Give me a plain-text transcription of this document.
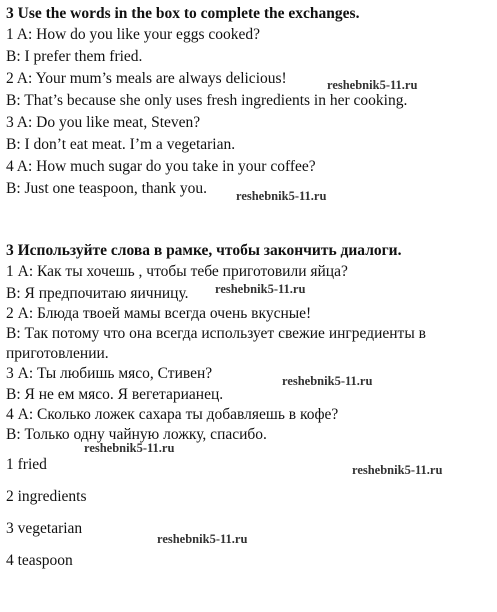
3 Use the words in the box to complete the exchanges.
1 A: How do you like your eggs cooked?
B: I prefer them fried.
2 A: Your mum’s meals are always delicious!
B: That’s because she only uses fresh ingredients in her cooking.
3 A: Do you like meat, Steven?
B: I don’t eat meat. I’m a vegetarian.
4 A: How much sugar do you take in your coffee?
B: Just one teaspoon, thank you.
3 Используйте слова в рамке, чтобы закончить диалоги.
1 А: Как ты хочешь , чтобы тебе приготовили яйца?
В: Я предпочитаю яичницу.
2 А: Блюда твоей мамы всегда очень вкусные!
В: Так потому что она всегда использует свежие ингредиенты в
приготовлении.
3 А: Ты любишь мясо, Стивен?
В: Я не ем мясо. Я вегетарианец.
4 А: Сколько ложек сахара ты добавляешь в кофе?
В: Только одну чайную ложку, спасибо.
1 fried
2 ingredients
3 vegetarian
4 teaspoon
reshebnik5-11.ru
reshebnik5-11.ru
reshebnik5-11.ru
reshebnik5-11.ru
reshebnik5-11.ru
reshebnik5-11.ru
reshebnik5-11.ru
